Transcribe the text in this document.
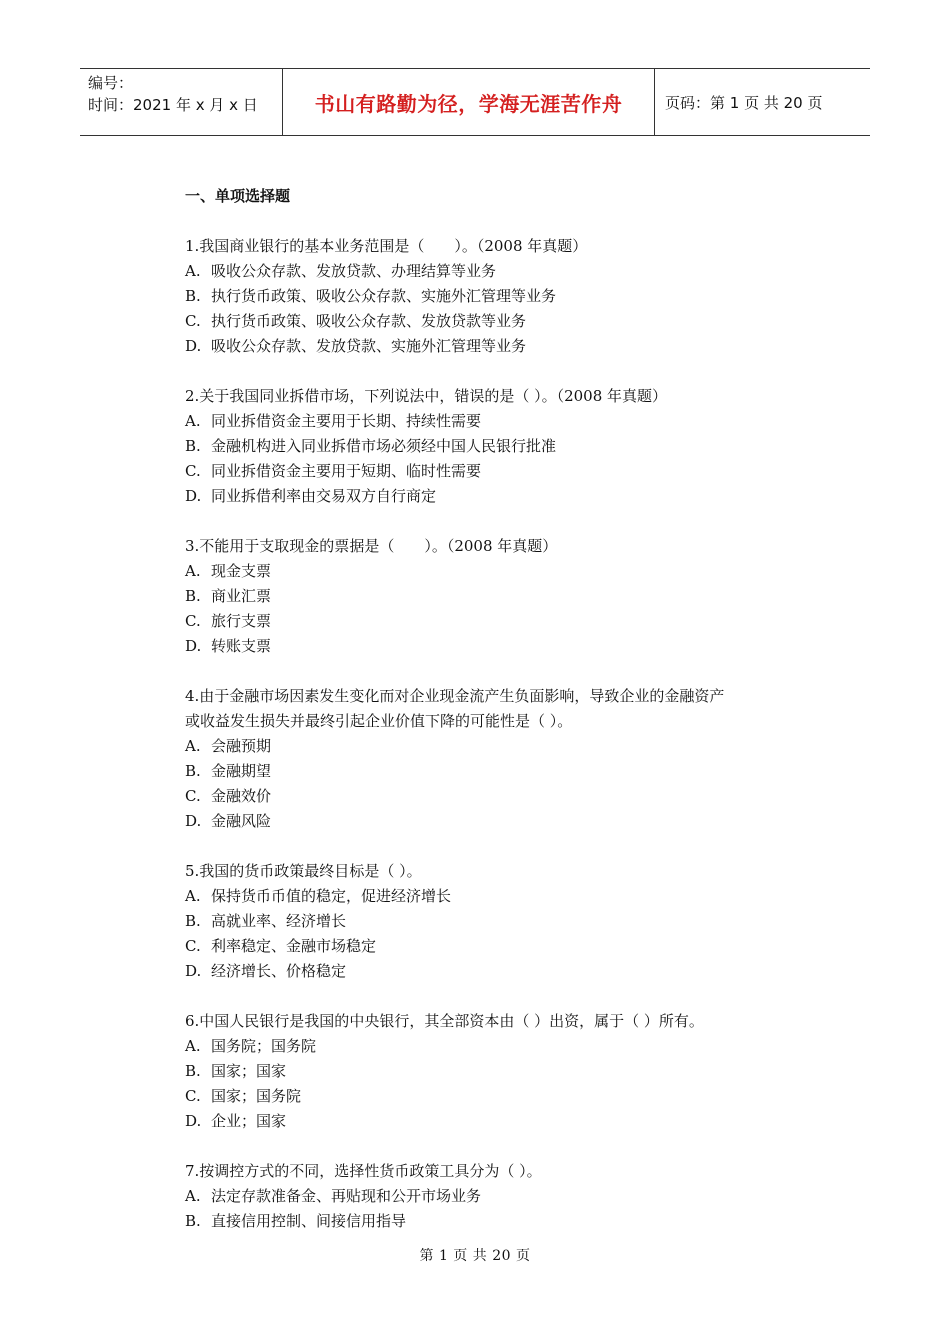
编号：
时间：2021 年 x 月 x 日	书山有路勤为径，学海无涯苦作舟	页码：第 1 页 共 20 页
一、单项选择题
1.我国商业银行的基本业务范围是（　　）。（2008 年真题）
A. 吸收公众存款、发放贷款、办理结算等业务
B. 执行货币政策、吸收公众存款、实施外汇管理等业务
C. 执行货币政策、吸收公众存款、发放贷款等业务
D. 吸收公众存款、发放贷款、实施外汇管理等业务
2.关于我国同业拆借市场，下列说法中，错误的是（ ）。（2008 年真题）
A. 同业拆借资金主要用于长期、持续性需要
B. 金融机构进入同业拆借市场必须经中国人民银行批准
C. 同业拆借资金主要用于短期、临时性需要
D. 同业拆借利率由交易双方自行商定
3.不能用于支取现金的票据是（　　）。（2008 年真题）
A. 现金支票
B. 商业汇票
C. 旅行支票
D. 转账支票
4.由于金融市场因素发生变化而对企业现金流产生负面影响，导致企业的金融资产
或收益发生损失并最终引起企业价值下降的可能性是（ ）。
A. 会融预期
B. 金融期望
C. 金融效价
D. 金融风险
5.我国的货币政策最终目标是（ ）。
A. 保持货币币值的稳定，促进经济增长
B. 高就业率、经济增长
C. 利率稳定、金融市场稳定
D. 经济增长、价格稳定
6.中国人民银行是我国的中央银行，其全部资本由（ ）出资，属于（ ）所有。
A. 国务院；国务院
B. 国家；国家
C. 国家；国务院
D. 企业；国家
7.按调控方式的不同，选择性货币政策工具分为（ ）。
A. 法定存款准备金、再贴现和公开市场业务
B. 直接信用控制、间接信用指导
第 1 页 共 20 页
